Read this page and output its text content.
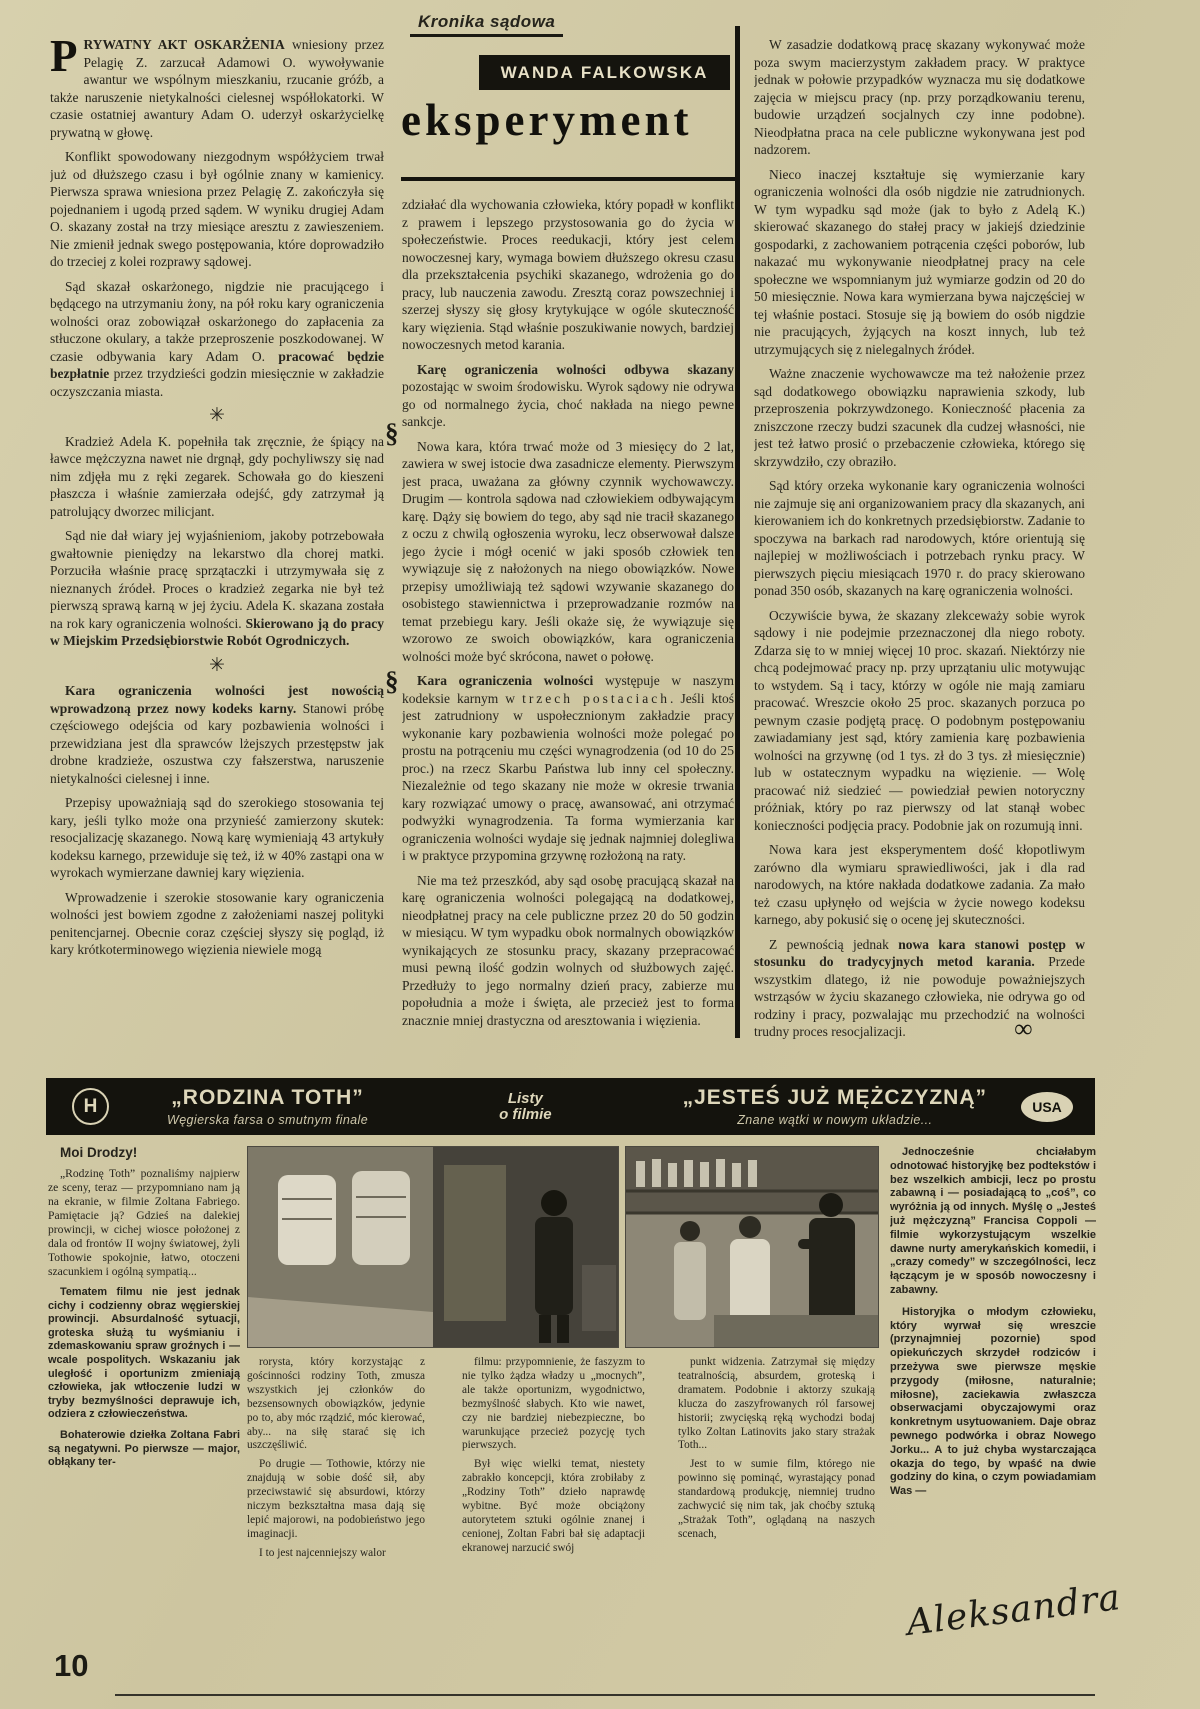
Kronika sądowa
WANDA FALKOWSKA
eksperyment
§
§

PRYWATNY AKT OSKARŻENIA wniesiony przez Pelagię Z. zarzucał Adamowi O. wywoływanie awantur we wspólnym mieszkaniu, rzucanie gróźb, a także naruszenie nietykalności cielesnej współlokatorki. W czasie ostatniej awantury Adam O. uderzył oskarżycielkę prywatną w głowę.

Konflikt spowodowany niezgodnym współżyciem trwał już od dłuższego czasu i był ogólnie znany w kamienicy. Pierwsza sprawa wniesiona przez Pelagię Z. zakończyła się pojednaniem i ugodą przed sądem. W wyniku drugiej Adam O. skazany został na trzy miesiące aresztu z zawieszeniem. Nie zmienił jednak swego postępowania, które doprowadziło do trzeciej z kolei rozprawy sądowej.

Sąd skazał oskarżonego, nigdzie nie pracującego i będącego na utrzymaniu żony, na pół roku kary ograniczenia wolności oraz zobowiązał oskarżonego do zapłacenia za stłuczone okulary, a także przeproszenie poszkodowanej. W czasie odbywania kary Adam O. pracować będzie bezpłatnie przez trzydzieści godzin miesięcznie w zakładzie oczyszczania miasta.

✳

Kradzież Adela K. popełniła tak zręcznie, że śpiący na ławce mężczyzna nawet nie drgnął, gdy pochyliwszy się nad nim zdjęła mu z ręki zegarek. Schowała go do kieszeni płaszcza i właśnie zamierzała odejść, gdy zatrzymał ją patrolujący dworzec milicjant.

Sąd nie dał wiary jej wyjaśnieniom, jakoby potrzebowała gwałtownie pieniędzy na lekarstwo dla chorej matki. Porzuciła właśnie pracę sprzątaczki i utrzymywała się z nieznanych źródeł. Proces o kradzież zegarka nie był też pierwszą sprawą karną w jej życiu. Adela K. skazana została na rok kary ograniczenia wolności. Skierowano ją do pracy w Miejskim Przedsiębiorstwie Robót Ogrodniczych.

✳

Kara ograniczenia wolności jest nowością wprowadzoną przez nowy kodeks karny. Stanowi próbę częściowego odejścia od kary pozbawienia wolności i przewidziana jest dla sprawców lżejszych przestępstw jak drobne kradzieże, oszustwa czy fałszerstwa, naruszenie nietykalności cielesnej i inne.

Przepisy upoważniają sąd do szerokiego stosowania tej kary, jeśli tylko może ona przynieść zamierzony skutek: resocjalizację skazanego. Nową karę wymieniają 43 artykuły kodeksu karnego, przewiduje się też, iż w 40% zastąpi ona w wyrokach wymierzane dawniej kary więzienia.

Wprowadzenie i szerokie stosowanie kary ograniczenia wolności jest bowiem zgodne z założeniami naszej polityki penitencjarnej. Obecnie coraz częściej słyszy się pogląd, iż kary krótkoterminowego więzienia niewiele mogą

zdziałać dla wychowania człowieka, który popadł w konflikt z prawem i lepszego przystosowania go do życia w społeczeństwie. Proces reedukacji, który jest celem nowoczesnej kary, wymaga bowiem dłuższego okresu czasu dla przekształcenia psychiki skazanego, wdrożenia go do pracy, lub nauczenia zawodu. Zresztą coraz powszechniej i szerzej słyszy się głosy krytykujące w ogóle skuteczność kary więzienia. Stąd właśnie poszukiwanie nowych, bardziej nowoczesnych metod karania.

Karę ograniczenia wolności odbywa skazany pozostając w swoim środowisku. Wyrok sądowy nie odrywa go od normalnego życia, choć nakłada na niego pewne sankcje.

Nowa kara, która trwać może od 3 miesięcy do 2 lat, zawiera w swej istocie dwa zasadnicze elementy. Pierwszym jest praca, uważana za główny czynnik wychowawczy. Drugim — kontrola sądowa nad człowiekiem odbywającym karę. Dąży się bowiem do tego, aby sąd nie tracił skazanego z oczu z chwilą ogłoszenia wyroku, lecz obserwował dalsze jego życie i mógł ocenić w jaki sposób człowiek ten wywiązuje się z nałożonych na niego obowiązków. Nowe przepisy umożliwiają też sądowi wzywanie skazanego do osobistego stawiennictwa i przeprowadzanie rozmów na temat przebiegu kary. Jeśli okaże się, że wywiązuje się wzorowo ze swoich obowiązków, kara ograniczenia wolności może być skrócona, nawet o połowę.

Kara ograniczenia wolności występuje w naszym kodeksie karnym w trzech postaciach. Jeśli ktoś jest zatrudniony w uspołecznionym zakładzie pracy wykonanie kary pozbawienia wolności może polegać po prostu na potrąceniu mu części wynagrodzenia (od 10 do 25 proc.) na rzecz Skarbu Państwa lub inny cel społeczny. Niezależnie od tego skazany nie może w okresie trwania kary rozwiązać umowy o pracę, awansować, ani otrzymać podwyżki wynagrodzenia. Ta forma wymierzania kar ograniczenia wolności wydaje się jednak najmniej dolegliwa i w praktyce przypomina grzywnę rozłożoną na raty.

Nie ma też przeszkód, aby sąd osobę pracującą skazał na karę ograniczenia wolności polegającą na dodatkowej, nieodpłatnej pracy na cele publiczne przez 20 do 50 godzin w miesiącu. W tym wypadku obok normalnych obowiązków wynikających ze stosunku pracy, skazany przepracować musi pewną ilość godzin wolnych od służbowych zajęć. Przedłuży to jego normalny dzień pracy, zabierze mu popołudnia a może i święta, ale przecież jest to forma znacznie mniej drastyczna od aresztowania i więzienia.

W zasadzie dodatkową pracę skazany wykonywać może poza swym macierzystym zakładem pracy. W praktyce jednak w połowie przypadków wyznacza mu się dodatkowe zajęcia w miejscu pracy (np. przy porządkowaniu terenu, budowie urządzeń socjalnych czy inne podobne). Nieodpłatna praca na cele publiczne wykonywana jest pod nadzorem.

Nieco inaczej kształtuje się wymierzanie kary ograniczenia wolności dla osób nigdzie nie zatrudnionych. W tym wypadku sąd może (jak to było z Adelą K.) skierować skazanego do stałej pracy w jakiejś dziedzinie gospodarki, z zachowaniem potrącenia części poborów, lub nakazać mu wykonywanie nieodpłatnej pracy na cele społeczne we wspomnianym już wymiarze godzin od 20 do 50 miesięcznie. Nowa kara wymierzana bywa najczęściej w tej właśnie postaci. Stosuje się ją bowiem do osób nigdzie nie pracujących, żyjących na koszt innych, lub też utrzymujących się z nielegalnych źródeł.

Ważne znaczenie wychowawcze ma też nałożenie przez sąd dodatkowego obowiązku naprawienia szkody, lub przeproszenia pokrzywdzonego. Konieczność płacenia za zniszczone rzeczy budzi szacunek dla cudzej własności, nie jest też łatwo prosić o przebaczenie człowieka, którego się skrzywdziło, czy obraziło.

Sąd który orzeka wykonanie kary ograniczenia wolności nie zajmuje się ani organizowaniem pracy dla skazanych, ani kierowaniem ich do konkretnych przedsiębiorstw. Zadanie to spoczywa na barkach rad narodowych, które orientują się najlepiej w możliwościach i potrzebach rynku pracy. W pierwszych pięciu miesiącach 1970 r. do pracy skierowano ponad 350 osób, skazanych na karę ograniczenia wolności.

Oczywiście bywa, że skazany zlekceważy sobie wyrok sądowy i nie podejmie przeznaczonej dla niego roboty. Zdarza się to w mniej więcej 10 proc. skazań. Niektórzy nie chcą podejmować pracy np. przy uprzątaniu ulic motywując to wstydem. Są i tacy, którzy w ogóle nie mają zamiaru pracować. Wreszcie około 25 proc. skazanych porzuca po pewnym czasie podjętą pracę. O podobnym postępowaniu zawiadamiany jest sąd, który zamienia karę pozbawienia wolności na grzywnę (od 1 tys. zł do 3 tys. zł miesięcznie) lub w ostatecznym wypadku na więzienie. — Wolę pracować niż siedzieć — powiedział pewien notoryczny próżniak, który po raz pierwszy od lat stanął wobec konieczności podjęcia pracy. Podobnie jak on rozumują inni.

Nowa kara jest eksperymentem dość kłopotliwym zarówno dla wymiaru sprawiedliwości, jak i dla rad narodowych, na które nakłada dodatkowe zadania. Za mało też czasu upłynęło od wejścia w życie nowego kodeksu karnego, aby pokusić się o ocenę jej skuteczności.

Z pewnością jednak nowa kara stanowi postęp w stosunku do tradycyjnych metod karania. Przede wszystkim dlatego, iż nie powoduje poważniejszych wstrząsów w życiu skazanego człowieka, nie odrywa go od rodziny i pracy, pozwalając mu przechodzić na wolności trudny proces resocjalizacji.	∞
H	„RODZINA TOTH”
Węgierska farsa o smutnym finale
Listy
o filmie
„JESTEŚ JUŻ MĘŻCZYZNĄ”
Znane wątki w nowym układzie...
USA

Moi Drodzy!

„Rodzinę Toth” poznaliśmy najpierw ze sceny, teraz — przypomniano nam ją na ekranie, w filmie Zoltana Fabriego. Pamiętacie ją? Gdzieś na dalekiej prowincji, w cichej wiosce położonej z dala od frontów II wojny światowej, żyli Tothowie spokojnie, łatwo, otoczeni szacunkiem i ogólną sympatią...

Tematem filmu nie jest jednak cichy i codzienny obraz węgierskiej prowincji. Absurdalność sytuacji, groteska służą tu wyśmianiu i zdemaskowaniu spraw groźnych i — wcale pospolitych. Wskazaniu jak uległość i oportunizm zmieniają człowieka, jak wtłoczenie ludzi w tryby bezmyślności deprawuje ich, odziera z człowieczeństwa.

Bohaterowie dziełka Zoltana Fabri są negatywni. Po pierwsze — major, obłąkany ter-

rorysta, który korzystając z gościnności rodziny Toth, zmusza wszystkich jej członków do bezsensownych obowiązków, jedynie po to, aby móc rządzić, móc kierować, aby... na siłę starać się ich uszczęśliwić.

Po drugie — Tothowie, którzy nie znajdują w sobie dość sił, aby przeciwstawić się absurdowi, którzy niczym bezkształtna masa dają się lepić majorowi, na podobieństwo jego imaginacji.

I to jest najcenniejszy walor

filmu: przypomnienie, że faszyzm to nie tylko żądza władzy u „mocnych”, ale także oportunizm, wygodnictwo, bezmyślność słabych. Kto wie nawet, czy nie bardziej niebezpieczne, bo warunkujące przecież pozycję tych pierwszych.

Był więc wielki temat, niestety zabrakło koncepcji, która zrobiłaby z „Rodziny Toth” dzieło naprawdę wybitne. Być może obciążony autorytetem sztuki ogólnie znanej i cenionej, Zoltan Fabri bał się adaptacji ekranowej narzucić swój

punkt widzenia. Zatrzymał się między teatralnością, absurdem, groteską i dramatem. Podobnie i aktorzy szukają klucza do zaszyfrowanych ról farsowej historii; zwycięską ręką wychodzi bodaj tylko Zoltan Latinovits jako stary strażak Toth...

Jest to w sumie film, którego nie powinno się pominąć, wyrastający ponad standardową produkcję, niemniej trudno zachwycić się nim tak, jak choćby sztuką „Strażak Toth”, oglądaną na naszych scenach,

Jednocześnie chciałabym odnotować historyjkę bez podtekstów i bez wszelkich ambicji, lecz po prostu zabawną i — posiadającą to „coś”, co wyróżnia ją od innych. Myślę o „Jesteś już mężczyzną” Francisa Coppoli — filmie wykorzystującym wszelkie dawne nurty amerykańskich komedii, i „crazy comedy” w szczególności, lecz łączącym je w sposób nowoczesny i zabawny.

Historyjka o młodym człowieku, który wyrwał się wreszcie (przynajmniej pozornie) spod opiekuńczych skrzydeł rodziców i przeżywa swe pierwsze męskie przygody (miłosne, naturalnie; miłosne), zaciekawia zwłaszcza obserwacjami obyczajowymi oraz konkretnym usytuowaniem. Daje obraz pewnego podwórka i obraz Nowego Jorku... A to już chyba wystarczająca okazja do tego, by wpaść na dwie godziny do kina, o czym powiadamiam Was —

Aleksandra
10
